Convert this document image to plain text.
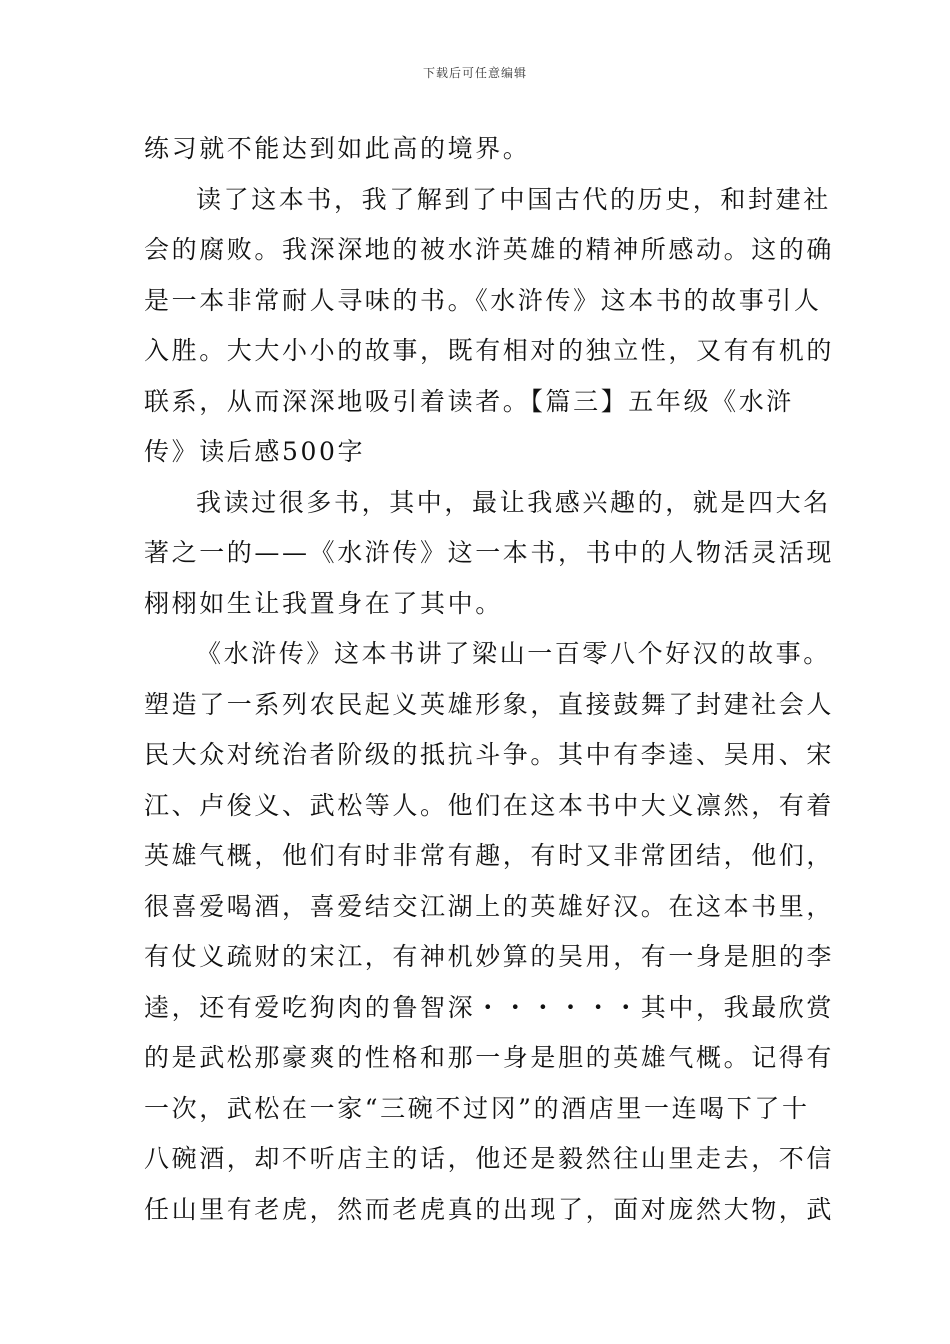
下载后可任意编辑
练习就不能达到如此高的境界。
读了这本书，我了解到了中国古代的历史，和封建社
会的腐败。我深深地的被水浒英雄的精神所感动。这的确
是一本非常耐人寻味的书。《水浒传》这本书的故事引人
入胜。大大小小的故事，既有相对的独立性，又有有机的
联系，从而深深地吸引着读者。【篇三】五年级《水浒
传》读后感500字
我读过很多书，其中，最让我感兴趣的，就是四大名
著之一的——《水浒传》这一本书，书中的人物活灵活现
栩栩如生让我置身在了其中。
《水浒传》这本书讲了梁山一百零八个好汉的故事。
塑造了一系列农民起义英雄形象，直接鼓舞了封建社会人
民大众对统治者阶级的抵抗斗争。其中有李逵、吴用、宋
江、卢俊义、武松等人。他们在这本书中大义凛然，有着
英雄气概，他们有时非常有趣，有时又非常团结，他们，
很喜爱喝酒，喜爱结交江湖上的英雄好汉。在这本书里，
有仗义疏财的宋江，有神机妙算的吴用，有一身是胆的李
逵，还有爱吃狗肉的鲁智深・・・・・・其中，我最欣赏
的是武松那豪爽的性格和那一身是胆的英雄气概。记得有
一次，武松在一家“三碗不过冈”的酒店里一连喝下了十
八碗酒，却不听店主的话，他还是毅然往山里走去，不信
任山里有老虎，然而老虎真的出现了，面对庞然大物，武
